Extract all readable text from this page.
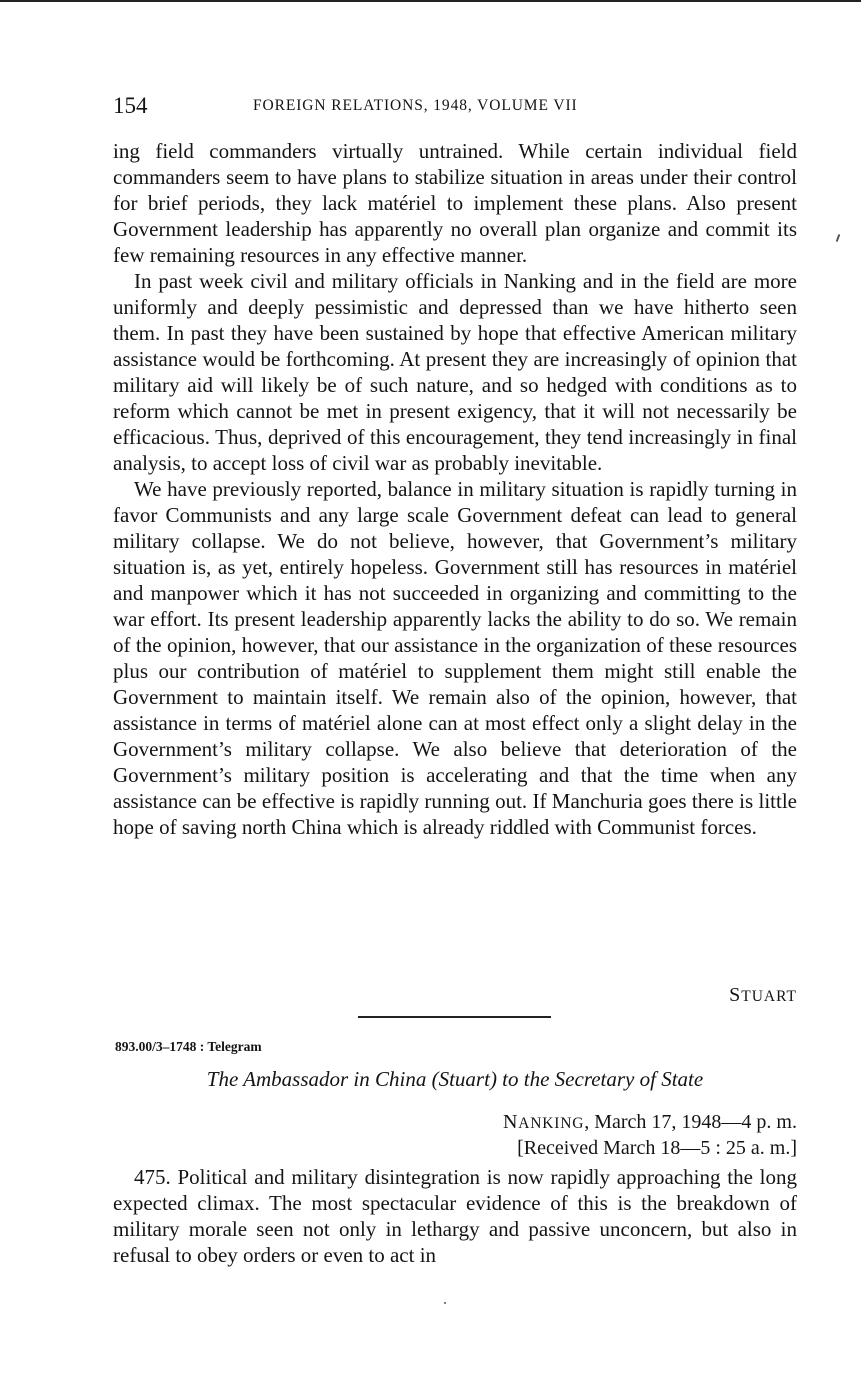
154	FOREIGN RELATIONS, 1948, VOLUME VII

ing field commanders virtually untrained. While certain individual field commanders seem to have plans to stabilize situation in areas under their control for brief periods, they lack matériel to implement these plans. Also present Government leadership has apparently no overall plan organize and commit its few remaining resources in any effective manner.

In past week civil and military officials in Nanking and in the field are more uniformly and deeply pessimistic and depressed than we have hitherto seen them. In past they have been sustained by hope that effective American military assistance would be forthcoming. At present they are increasingly of opinion that military aid will likely be of such nature, and so hedged with conditions as to reform which cannot be met in present exigency, that it will not necessarily be efficacious. Thus, deprived of this encouragement, they tend increasingly in final analysis, to accept loss of civil war as probably inevitable.

We have previously reported, balance in military situation is rapidly turning in favor Communists and any large scale Government defeat can lead to general military collapse. We do not believe, however, that Government’s military situation is, as yet, entirely hopeless. Government still has resources in matériel and manpower which it has not succeeded in organizing and committing to the war effort. Its present leadership apparently lacks the ability to do so. We remain of the opinion, however, that our assistance in the organization of these resources plus our contribution of matériel to supplement them might still enable the Government to maintain itself. We remain also of the opinion, however, that assistance in terms of matériel alone can at most effect only a slight delay in the Government’s military collapse. We also believe that deterioration of the Government’s military position is accelerating and that the time when any assistance can be effective is rapidly running out. If Manchuria goes there is little hope of saving north China which is already riddled with Communist forces.

STUART
893.00/3–1748 : Telegram
The Ambassador in China (Stuart) to the Secretary of State
NANKING, March 17, 1948—4 p. m.
[Received March 18—5 : 25 a. m.]

475. Political and military disintegration is now rapidly approaching the long expected climax. The most spectacular evidence of this is the breakdown of military morale seen not only in lethargy and passive unconcern, but also in refusal to obey orders or even to act in
